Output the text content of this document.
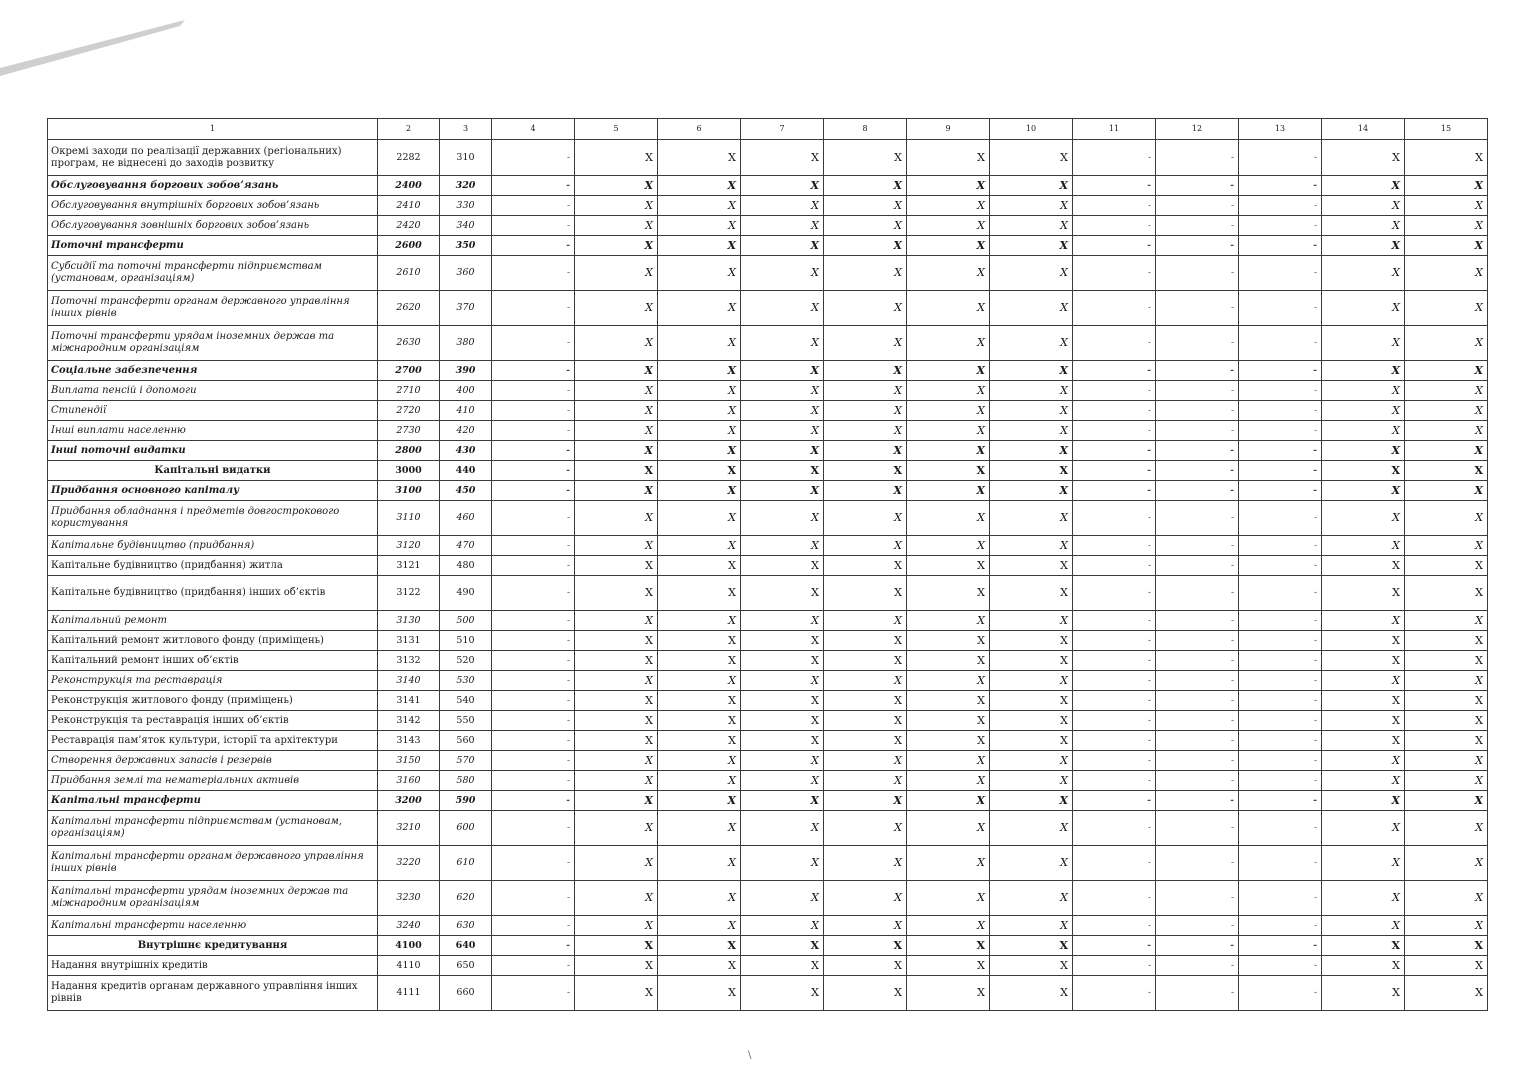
1	2	3	4	5	6	7	8	9	10	11	12	13	14	15
Окремі заходи по реалізації державних (регіональних) програм, не віднесені до заходів розвитку	2282	310	-	X	X	X	X	X	X	-	-	-	X	X
Обслуговування боргових зобов’язань	2400	320	-	X	X	X	X	X	X	-	-	-	X	X
Обслуговування внутрішніх боргових зобов’язань	2410	330	-	X	X	X	X	X	X	-	-	-	X	X
Обслуговування зовнішніх боргових зобов’язань	2420	340	-	X	X	X	X	X	X	-	-	-	X	X
Поточні трансферти	2600	350	-	X	X	X	X	X	X	-	-	-	X	X
Субсидії та поточні трансферти підприємствам (установам, організаціям)	2610	360	-	X	X	X	X	X	X	-	-	-	X	X
Поточні трансферти органам державного управління інших рівнів	2620	370	-	X	X	X	X	X	X	-	-	-	X	X
Поточні трансферти урядам іноземних держав та міжнародним організаціям	2630	380	-	X	X	X	X	X	X	-	-	-	X	X
Соціальне забезпечення	2700	390	-	X	X	X	X	X	X	-	-	-	X	X
Виплата пенсій і допомоги	2710	400	-	X	X	X	X	X	X	-	-	-	X	X
Стипендії	2720	410	-	X	X	X	X	X	X	-	-	-	X	X
Інші виплати населенню	2730	420	-	X	X	X	X	X	X	-	-	-	X	X
Інші поточні видатки	2800	430	-	X	X	X	X	X	X	-	-	-	X	X
Капітальні видатки	3000	440	-	X	X	X	X	X	X	-	-	-	X	X
Придбання основного капіталу	3100	450	-	X	X	X	X	X	X	-	-	-	X	X
Придбання обладнання і предметів довгострокового користування	3110	460	-	X	X	X	X	X	X	-	-	-	X	X
Капітальне будівництво (придбання)	3120	470	-	X	X	X	X	X	X	-	-	-	X	X
Капітальне будівництво (придбання) житла	3121	480	-	X	X	X	X	X	X	-	-	-	X	X
Капітальне будівництво (придбання) інших об’єктів	3122	490	-	X	X	X	X	X	X	-	-	-	X	X
Капітальний ремонт	3130	500	-	X	X	X	X	X	X	-	-	-	X	X
Капітальний ремонт житлового фонду (приміщень)	3131	510	-	X	X	X	X	X	X	-	-	-	X	X
Капітальний ремонт інших об’єктів	3132	520	-	X	X	X	X	X	X	-	-	-	X	X
Реконструкція та реставрація	3140	530	-	X	X	X	X	X	X	-	-	-	X	X
Реконструкція житлового фонду (приміщень)	3141	540	-	X	X	X	X	X	X	-	-	-	X	X
Реконструкція та реставрація інших об’єктів	3142	550	-	X	X	X	X	X	X	-	-	-	X	X
Реставрація пам’яток культури, історії та архітектури	3143	560	-	X	X	X	X	X	X	-	-	-	X	X
Створення державних запасів і резервів	3150	570	-	X	X	X	X	X	X	-	-	-	X	X
Придбання землі та нематеріальних активів	3160	580	-	X	X	X	X	X	X	-	-	-	X	X
Капітальні трансферти	3200	590	-	X	X	X	X	X	X	-	-	-	X	X
Капітальні трансферти підприємствам (установам, організаціям)	3210	600	-	X	X	X	X	X	X	-	-	-	X	X
Капітальні трансферти органам державного управління інших рівнів	3220	610	-	X	X	X	X	X	X	-	-	-	X	X
Капітальні трансферти урядам іноземних держав та міжнародним організаціям	3230	620	-	X	X	X	X	X	X	-	-	-	X	X
Капітальні трансферти населенню	3240	630	-	X	X	X	X	X	X	-	-	-	X	X
Внутрішнє кредитування	4100	640	-	X	X	X	X	X	X	-	-	-	X	X
Надання внутрішніх кредитів	4110	650	-	X	X	X	X	X	X	-	-	-	X	X
Надання кредитів органам державного управління інших рівнів	4111	660	-	X	X	X	X	X	X	-	-	-	X	X
\
